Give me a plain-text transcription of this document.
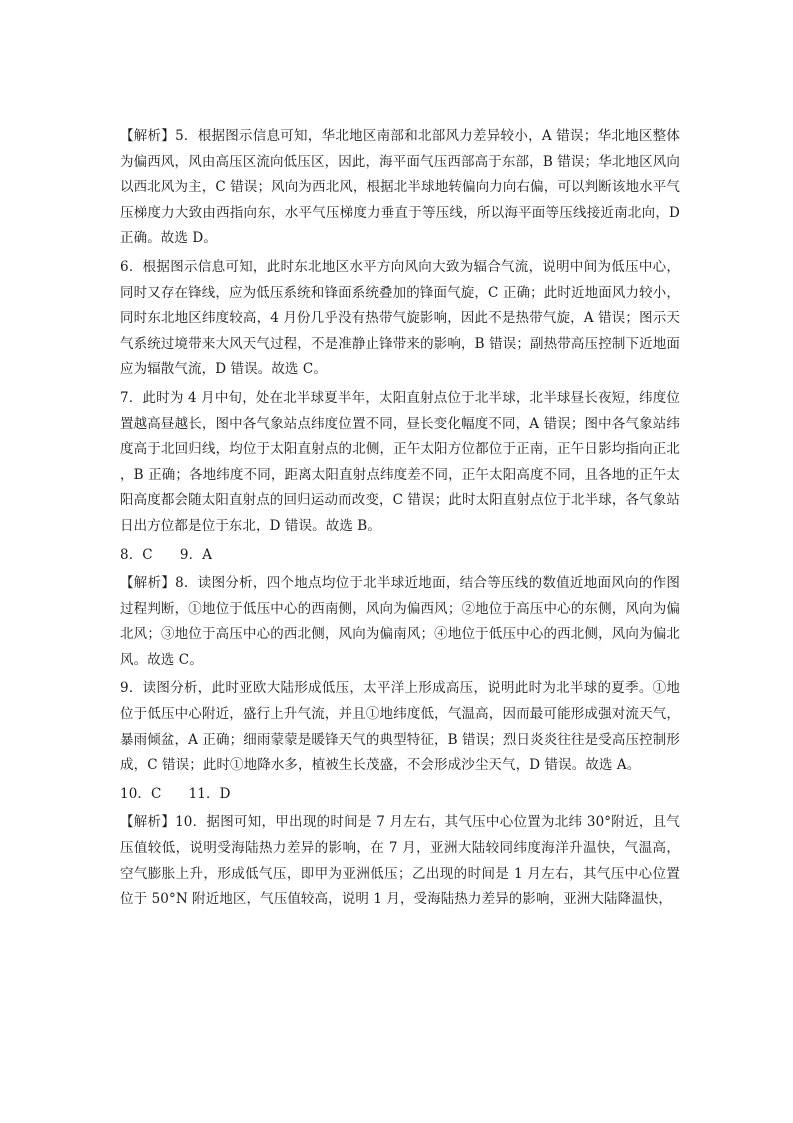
【解析】5．根据图示信息可知，华北地区南部和北部风力差异较小，A 错误；华北地区整体为偏西风，风由高压区流向低压区，因此，海平面气压西部高于东部，B 错误；华北地区风向以西北风为主，C 错误；风向为西北风，根据北半球地转偏向力向右偏，可以判断该地水平气压梯度力大致由西指向东，水平气压梯度力垂直于等压线，所以海平面等压线接近南北向，D 正确。故选 D。

6．根据图示信息可知，此时东北地区水平方向风向大致为辐合气流，说明中间为低压中心，同时又存在锋线，应为低压系统和锋面系统叠加的锋面气旋，C 正确；此时近地面风力较小，同时东北地区纬度较高，4 月份几乎没有热带气旋影响，因此不是热带气旋，A 错误；图示天气系统过境带来大风天气过程，不是准静止锋带来的影响，B 错误；副热带高压控制下近地面应为辐散气流，D 错误。故选 C。

7．此时为 4 月中旬，处在北半球夏半年，太阳直射点位于北半球，北半球昼长夜短，纬度位置越高昼越长，图中各气象站点纬度位置不同，昼长变化幅度不同，A 错误；图中各气象站纬度高于北回归线，均位于太阳直射点的北侧，正午太阳方位都位于正南，正午日影均指向正北，B 正确；各地纬度不同，距离太阳直射点纬度差不同，正午太阳高度不同，且各地的正午太阳高度都会随太阳直射点的回归运动而改变，C 错误；此时太阳直射点位于北半球，各气象站日出方位都是位于东北，D 错误。故选 B。

8．C　　9．A

【解析】8．读图分析，四个地点均位于北半球近地面，结合等压线的数值近地面风向的作图过程判断，①地位于低压中心的西南侧，风向为偏西风；②地位于高压中心的东侧，风向为偏北风；③地位于高压中心的西北侧，风向为偏南风；④地位于低压中心的西北侧，风向为偏北风。故选 C。

9．读图分析，此时亚欧大陆形成低压，太平洋上形成高压，说明此时为北半球的夏季。①地位于低压中心附近，盛行上升气流，并且①地纬度低，气温高，因而最可能形成强对流天气，暴雨倾盆，A 正确；细雨蒙蒙是暖锋天气的典型特征，B 错误；烈日炎炎往往是受高压控制形成，C 错误；此时①地降水多，植被生长茂盛，不会形成沙尘天气，D 错误。故选 A。

10．C　　11．D

【解析】10．据图可知，甲出现的时间是 7 月左右，其气压中心位置为北纬 30°附近，且气压值较低，说明受海陆热力差异的影响，在 7 月，亚洲大陆较同纬度海洋升温快，气温高，空气膨胀上升，形成低气压，即甲为亚洲低压；乙出现的时间是 1 月左右，其气压中心位置位于 50°N 附近地区，气压值较高，说明 1 月，受海陆热力差异的影响，亚洲大陆降温快，
